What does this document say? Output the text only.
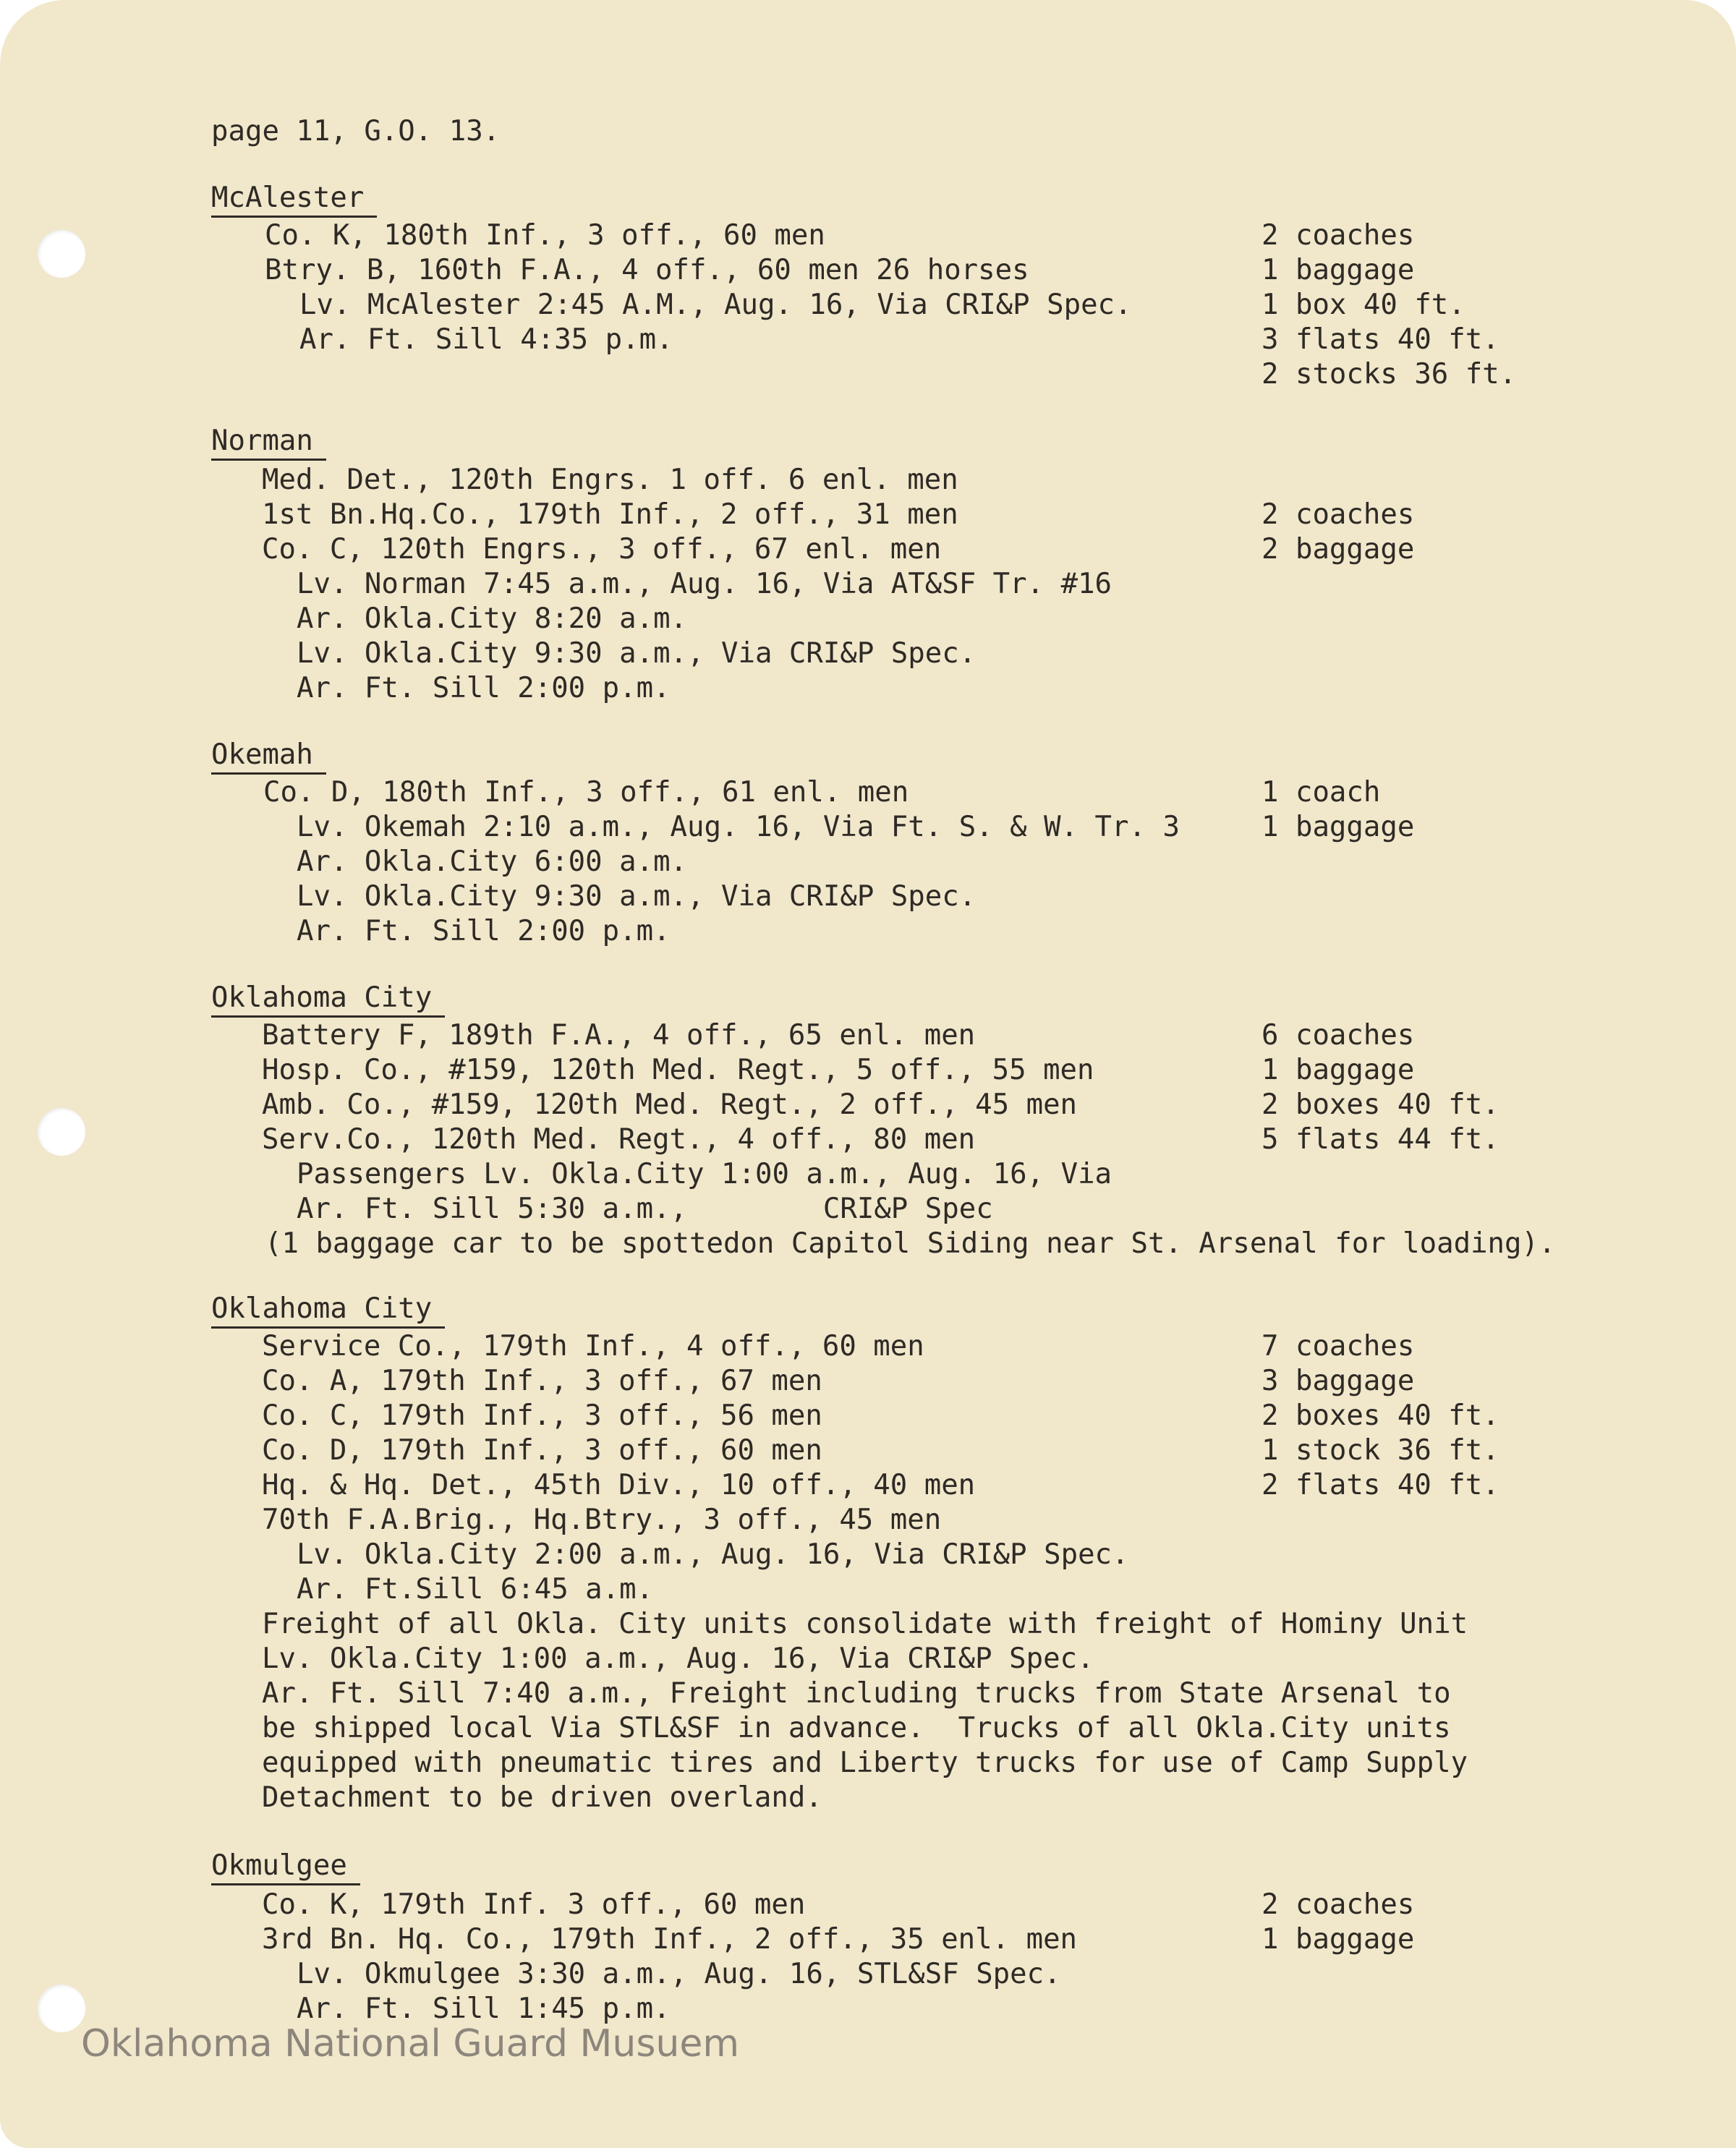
page 11, G.O. 13.
McAlester
Co. K, 180th Inf., 3 off., 60 men
Btry. B, 160th F.A., 4 off., 60 men 26 horses
Lv. McAlester 2:45 A.M., Aug. 16, Via CRI&P Spec.
Ar. Ft. Sill 4:35 p.m.
2 coaches
1 baggage
1 box 40 ft.
3 flats 40 ft.
2 stocks 36 ft.
Norman
Med. Det., 120th Engrs. 1 off. 6 enl. men
1st Bn.Hq.Co., 179th Inf., 2 off., 31 men
Co. C, 120th Engrs., 3 off., 67 enl. men
Lv. Norman 7:45 a.m., Aug. 16, Via AT&SF Tr. #16
Ar. Okla.City 8:20 a.m.
Lv. Okla.City 9:30 a.m., Via CRI&P Spec.
Ar. Ft. Sill 2:00 p.m.
2 coaches
2 baggage
Okemah
Co. D, 180th Inf., 3 off., 61 enl. men
Lv. Okemah 2:10 a.m., Aug. 16, Via Ft. S. & W. Tr. 3
Ar. Okla.City 6:00 a.m.
Lv. Okla.City 9:30 a.m., Via CRI&P Spec.
Ar. Ft. Sill 2:00 p.m.
1 coach
1 baggage
Oklahoma City
Battery F, 189th F.A., 4 off., 65 enl. men
Hosp. Co., #159, 120th Med. Regt., 5 off., 55 men
Amb. Co., #159, 120th Med. Regt., 2 off., 45 men
Serv.Co., 120th Med. Regt., 4 off., 80 men
Passengers Lv. Okla.City 1:00 a.m., Aug. 16, Via
Ar. Ft. Sill 5:30 a.m.,        CRI&P Spec
(1 baggage car to be spottedon Capitol Siding near St. Arsenal for loading).
6 coaches
1 baggage
2 boxes 40 ft.
5 flats 44 ft.
Oklahoma City
Service Co., 179th Inf., 4 off., 60 men
Co. A, 179th Inf., 3 off., 67 men
Co. C, 179th Inf., 3 off., 56 men
Co. D, 179th Inf., 3 off., 60 men
Hq. & Hq. Det., 45th Div., 10 off., 40 men
70th F.A.Brig., Hq.Btry., 3 off., 45 men
Lv. Okla.City 2:00 a.m., Aug. 16, Via CRI&P Spec.
Ar. Ft.Sill 6:45 a.m.
Freight of all Okla. City units consolidate with freight of Hominy Unit
Lv. Okla.City 1:00 a.m., Aug. 16, Via CRI&P Spec.
Ar. Ft. Sill 7:40 a.m., Freight including trucks from State Arsenal to
be shipped local Via STL&SF in advance.  Trucks of all Okla.City units
equipped with pneumatic tires and Liberty trucks for use of Camp Supply
Detachment to be driven overland.
7 coaches
3 baggage
2 boxes 40 ft.
1 stock 36 ft.
2 flats 40 ft.
Okmulgee
Co. K, 179th Inf. 3 off., 60 men
3rd Bn. Hq. Co., 179th Inf., 2 off., 35 enl. men
Lv. Okmulgee 3:30 a.m., Aug. 16, STL&SF Spec.
Ar. Ft. Sill 1:45 p.m.
2 coaches
1 baggage
Oklahoma National Guard Musuem
